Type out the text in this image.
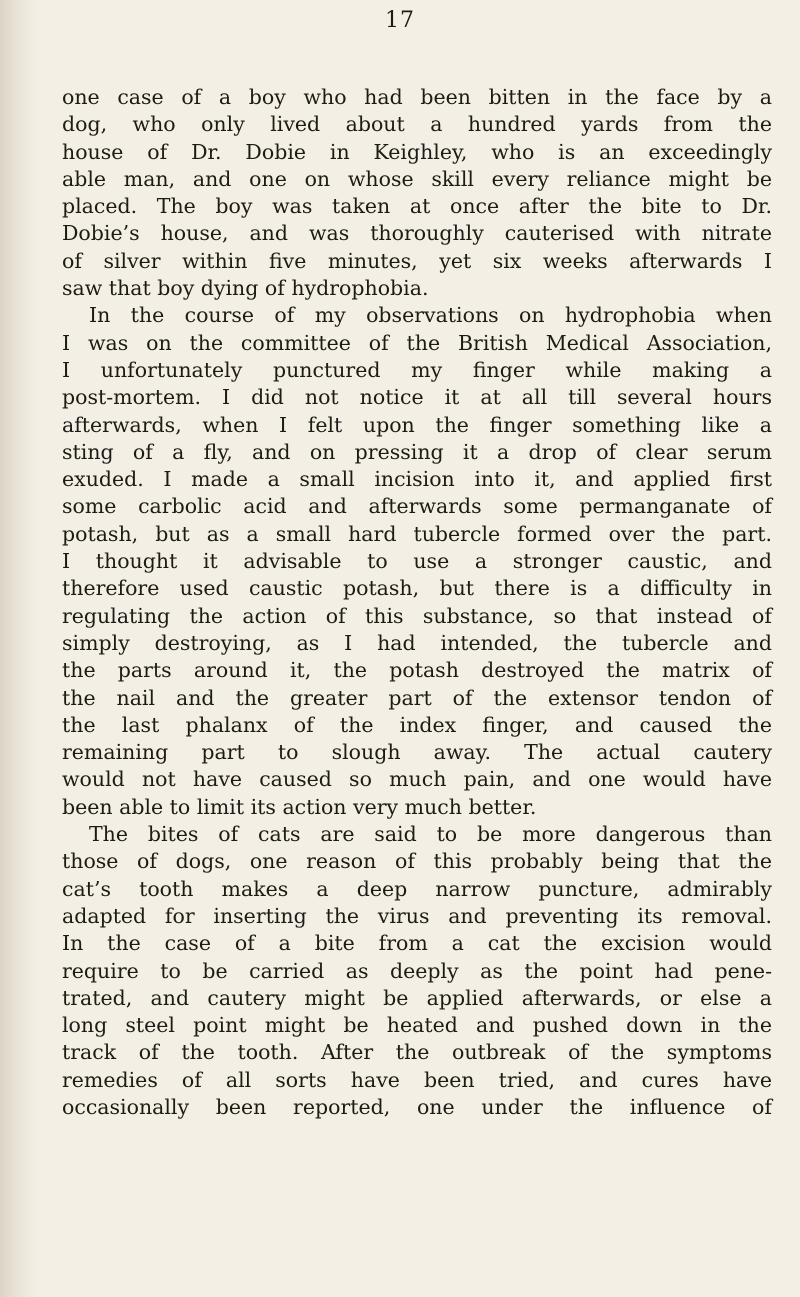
17
one case of a boy who had been bitten in the face by a
dog, who only lived about a hundred yards from the
house of Dr. Dobie in Keighley, who is an exceedingly
able man, and one on whose skill every reliance might be
placed. The boy was taken at once after the bite to Dr.
Dobie’s house, and was thoroughly cauterised with nitrate
of silver within five minutes, yet six weeks afterwards I
saw that boy dying of hydrophobia.
In the course of my observations on hydrophobia when
I was on the committee of the British Medical Association,
I unfortunately punctured my finger while making a
post-mortem. I did not notice it at all till several hours
afterwards, when I felt upon the finger something like a
sting of a fly, and on pressing it a drop of clear serum
exuded. I made a small incision into it, and applied first
some carbolic acid and afterwards some permanganate of
potash, but as a small hard tubercle formed over the part.
I thought it advisable to use a stronger caustic, and
therefore used caustic potash, but there is a difficulty in
regulating the action of this substance, so that instead of
simply destroying, as I had intended, the tubercle and
the parts around it, the potash destroyed the matrix of
the nail and the greater part of the extensor tendon of
the last phalanx of the index finger, and caused the
remaining part to slough away. The actual cautery
would not have caused so much pain, and one would have
been able to limit its action very much better.
The bites of cats are said to be more dangerous than
those of dogs, one reason of this probably being that the
cat’s tooth makes a deep narrow puncture, admirably
adapted for inserting the virus and preventing its removal.
In the case of a bite from a cat the excision would
require to be carried as deeply as the point had pene-
trated, and cautery might be applied afterwards, or else a
long steel point might be heated and pushed down in the
track of the tooth. After the outbreak of the symptoms
remedies of all sorts have been tried, and cures have
occasionally been reported, one under the influence of
